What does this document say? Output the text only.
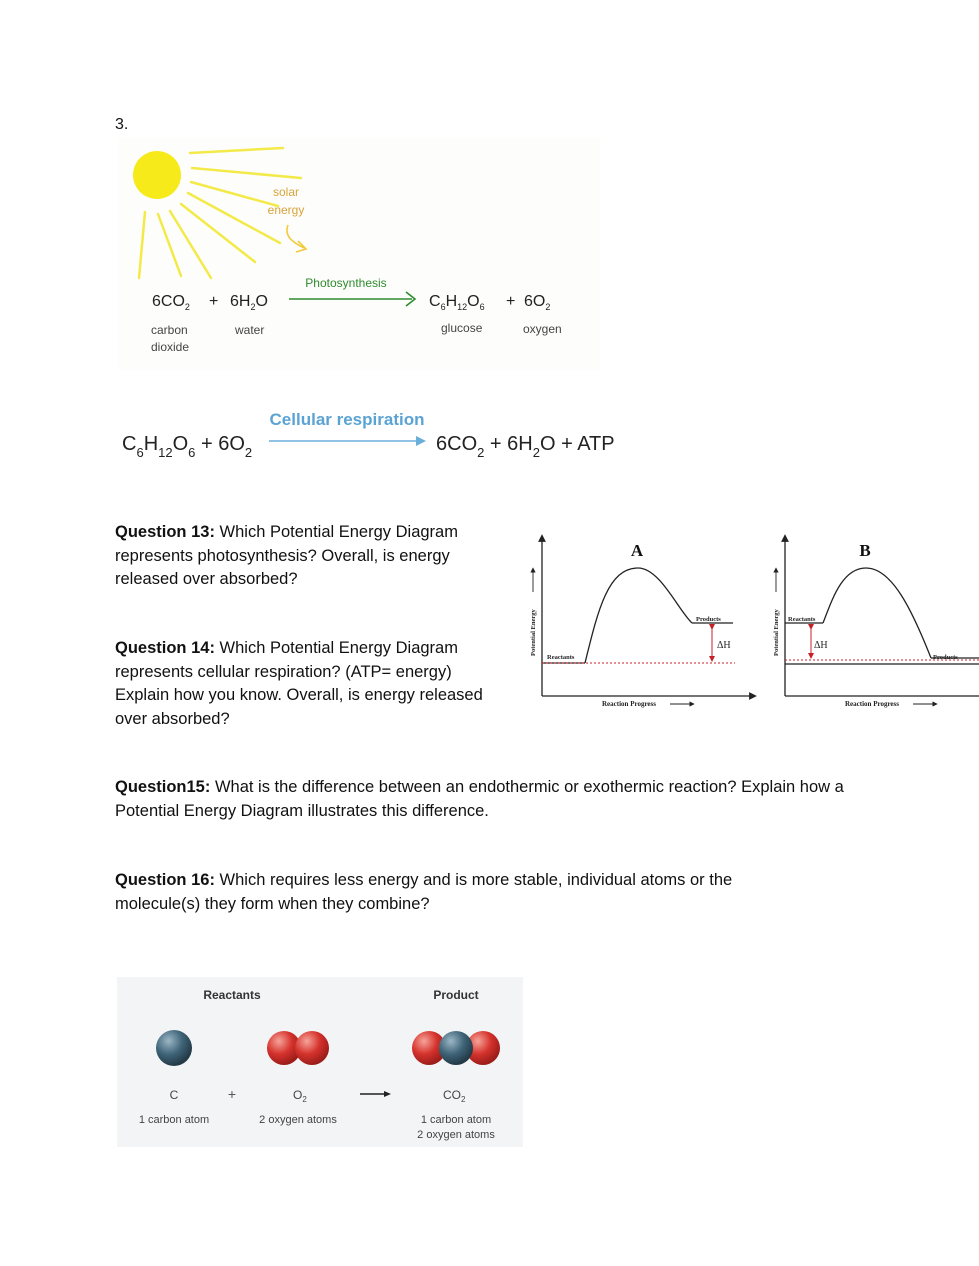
3.
solar
energy
Photosynthesis
$6CO_2 + 6H_2O$	$C_6H_{12}O_6 + 6O_2$
carbon
dioxide
water	glucose	oxygen
Cellular respiration
$C_6H_{12}O_6 + 6O_2$	$6CO_2 + 6H_2O$ + ATP
Question 13: Which Potential Energy Diagram represents photosynthesis? Overall, is energy released over absorbed?
Question 14: Which Potential Energy Diagram represents cellular respiration? (ATP= energy) Explain how you know. Overall, is energy released over absorbed?
Question15: What is the difference between an endothermic or exothermic reaction? Explain how a Potential Energy Diagram illustrates this difference.
Question 16: Which requires less energy and is more stable, individual atoms or the molecule(s) they form when they combine?
A
ΔH
Reactants
Products
Reaction Progress
Potential Energy
B
ΔH
Reactants
Products
Reaction Progress
Potential Energy
Reactants	Product
C	+	$O_2$	$CO_2$
1 carbon atom	2 oxygen atoms	1 carbon atom
2 oxygen atoms
